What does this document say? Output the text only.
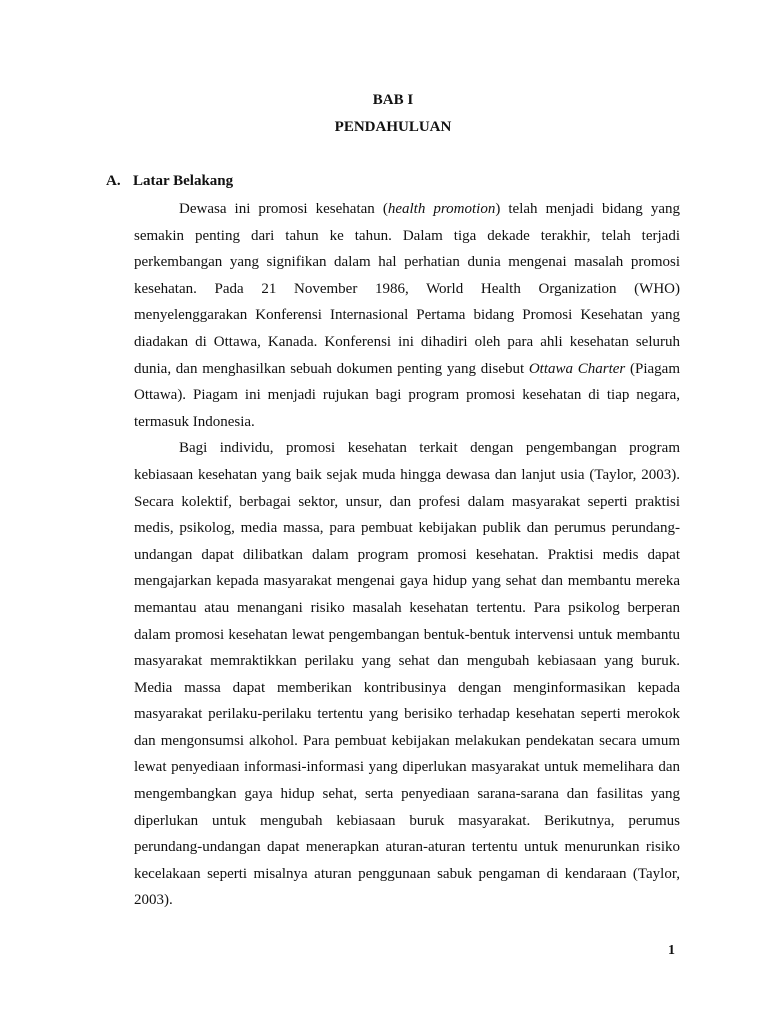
BAB I
PENDAHULUAN
A. Latar Belakang

Dewasa ini promosi kesehatan (health promotion) telah menjadi bidang yang semakin penting dari tahun ke tahun. Dalam tiga dekade terakhir, telah terjadi perkembangan yang signifikan dalam hal perhatian dunia mengenai masalah promosi kesehatan. Pada 21 November 1986, World Health Organization (WHO) menyelenggarakan Konferensi Internasional Pertama bidang Promosi Kesehatan yang diadakan di Ottawa, Kanada. Konferensi ini dihadiri oleh para ahli kesehatan seluruh dunia, dan menghasilkan sebuah dokumen penting yang disebut Ottawa Charter (Piagam Ottawa). Piagam ini menjadi rujukan bagi program promosi kesehatan di tiap negara, termasuk Indonesia.

Bagi individu, promosi kesehatan terkait dengan pengembangan program kebiasaan kesehatan yang baik sejak muda hingga dewasa dan lanjut usia (Taylor, 2003). Secara kolektif, berbagai sektor, unsur, dan profesi dalam masyarakat seperti praktisi medis, psikolog, media massa, para pembuat kebijakan publik dan perumus perundang-undangan dapat dilibatkan dalam program promosi kesehatan. Praktisi medis dapat mengajarkan kepada masyarakat mengenai gaya hidup yang sehat dan membantu mereka memantau atau menangani risiko masalah kesehatan tertentu. Para psikolog berperan dalam promosi kesehatan lewat pengembangan bentuk-bentuk intervensi untuk membantu masyarakat memraktikkan perilaku yang sehat dan mengubah kebiasaan yang buruk. Media massa dapat memberikan kontribusinya dengan menginformasikan kepada masyarakat perilaku-perilaku tertentu yang berisiko terhadap kesehatan seperti merokok dan mengonsumsi alkohol. Para pembuat kebijakan melakukan pendekatan secara umum lewat penyediaan informasi-informasi yang diperlukan masyarakat untuk memelihara dan mengembangkan gaya hidup sehat, serta penyediaan sarana-sarana dan fasilitas yang diperlukan untuk mengubah kebiasaan buruk masyarakat. Berikutnya, perumus perundang-undangan dapat menerapkan aturan-aturan tertentu untuk menurunkan risiko kecelakaan seperti misalnya aturan penggunaan sabuk pengaman di kendaraan (Taylor, 2003).

1
